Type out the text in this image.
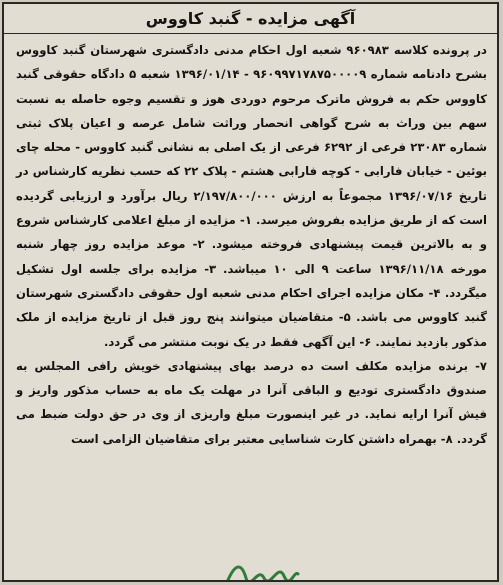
آگهی مزایده - گنبد کاووس

در پرونده کلاسه ۹۶۰۹۸۳ شعبه اول احکام مدنی دادگستری شهرستان گنبد کاووس بشرح دادنامه شماره ۹۶۰۹۹۷۱۷۸۷۵۰۰۰۰۹ - ۱۳۹۶/۰۱/۱۴ شعبه ۵ دادگاه حقوقی گنبد کاووس حکم به فروش ماترک مرحوم دوردی هوز و تقسیم وجوه حاصله به نسبت سهم بین وراث به شرح گواهی انحصار وراثت شامل عرصه و اعیان پلاک ثبتی شماره ۲۳۰۸۳ فرعی از ۶۲۹۲ فرعی از یک اصلی به نشانی گنبد کاووس - محله چای بوئین - خیابان فارابی - کوچه فارابی هشتم - پلاک ۲۲ که حسب نظریه کارشناس در تاریخ ۱۳۹۶/۰۷/۱۶ مجموعاً به ارزش ۲/۱۹۷/۸۰۰/۰۰۰ ریال برآورد و ارزیابی گردیده است که از طریق مزایده بفروش میرسد. ۱- مزایده از مبلغ اعلامی کارشناس شروع و به بالاترین قیمت پیشنهادی فروخته میشود. ۲- موعد مزایده روز چهار شنبه مورخه ۱۳۹۶/۱۱/۱۸ ساعت ۹ الی ۱۰ میباشد. ۳- مزایده برای جلسه اول تشکیل میگردد. ۴- مکان مزایده اجرای احکام مدنی شعبه اول حقوقی دادگستری شهرستان گنبد کاووس می باشد. ۵- متقاضیان میتوانند پنج روز قبل از تاریخ مزایده از ملک مذکور بازدید نمایند. ۶- این آگهی فقط در یک نوبت منتشر می گردد.

۷- برنده مزایده مکلف است ده درصد بهای پیشنهادی خویش رافی المجلس به صندوق دادگستری تودیع و الباقی آنرا در مهلت یک ماه به حساب مذکور واریز و فیش آنرا ارایه نماید. در غیر اینصورت مبلغ واریزی از وی در حق دولت ضبط می گردد. ۸- بهمراه داشتن کارت شناسایی معتبر برای متقاضیان الزامی است
